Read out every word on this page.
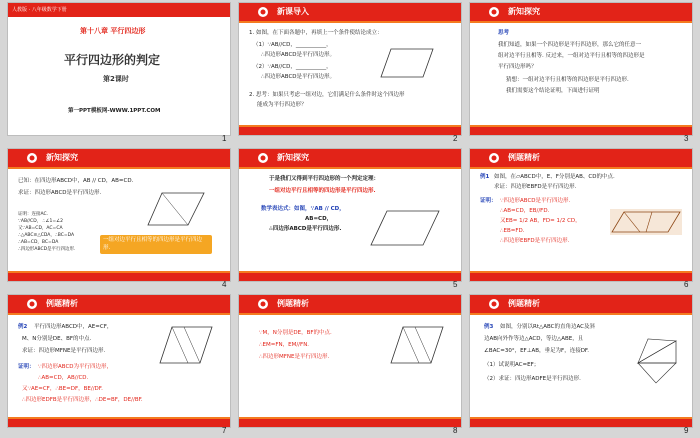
人教版 · 八年级数学下册
第十八章 平行四边形
平行四边形的判定
第2课时
第一PPT模板网-WWW.1PPT.COM
1
新课导入
1. 如图，在下面各题中，再填上一个条件使结论成立：
（1）∵AB//CD，___________，
∴四边形ABCD是平行四边形。
（2）∵AB//CD，___________，
∴四边形ABCD是平行四边形。
2. 思考：如果只考虑一组对边，它们满足什么条件时这个四边形
能成为平行四边形？
2
新知探究
思考
我们知道，如果一个四边形是平行四边形，那么它的任意一
组对边平行且相等. 反过来，一组对边平行且相等的四边形是
平行四边形吗？
猜想：一组对边平行且相等的四边形是平行四边形.
我们需要这个结论证明，下面进行证明
3
新知探究
已知：在四边形ABCD中，AB // CD，AB=CD.
求证：四边形ABCD是平行四边形.
证明：连接AC.
∵AB//CD， ∴∠1=∠2
又∵AB=CD，AC=CA
∴△ABC≌△CDA，∴BC=DA
∴AB=CD，BC=DA
∴四边形ABCD是平行四边形.
一组对边平行且相等的四边形是平行四边形.
4
新知探究
于是我们又得到平行四边形的一个判定定理：
一组对边平行且相等的四边形是平行四边形.
数学表达式：如图，∵AB // CD，
AB=CD，
∴四边形ABCD是平行四边形.
5
例题精析
例1 如图，在▱ABCD中，E、F分别是AB、CD的中点.
求证：四边形EBFD是平行四边形.
证明： ∵四边形ABCD是平行四边形.
∴AB=CD，EB//FD.
又EB= 1/2 AB，FD= 1/2 CD，
∴EB=FD.
∴四边形EBFD是平行四边形.
6
例题精析
例2 平行四边形ABCD中，AE=CF，
M、N分别是DE、BF的中点.
求证：四边形MFNE是平行四边形.
证明： ∵四边形ABCD为平行四边形，
∴AB=CD，AB//CD.
又∵AE=CF，∴BE=DF，BE//DF.
∴四边形EDFB是平行四边形，∴DE=BF，DE//BF.
7
例题精析
∵M，N分别是DE，BF的中点.
∴EM=FN，EM//FN.
∴四边形MFNE是平行四边形.
8
例题精析
例3 如图，分别以Rt△ABC的直角边AC及斜
边AB向外作等边△ACD，等边△ABE，且
∠BAC=30°，EF⊥AB，垂足为F，连接DF.
（1）试说明AC=EF；
（2）求证：四边形ADFE是平行四边形.
9
